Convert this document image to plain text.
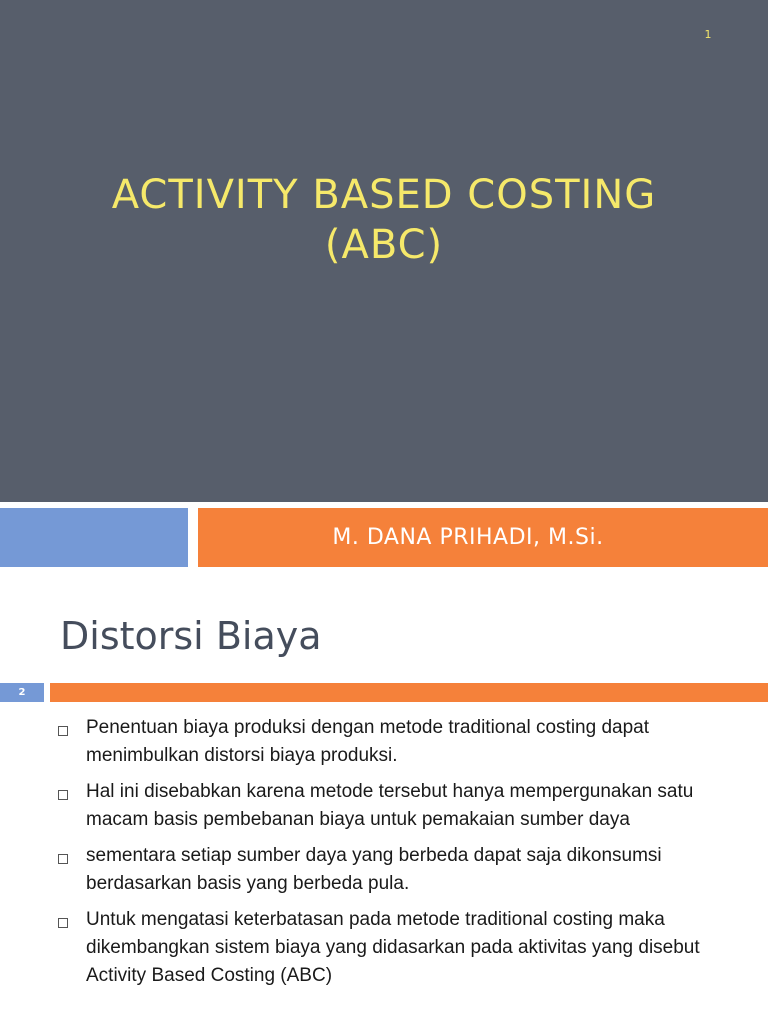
1
ACTIVITY BASED COSTING
(ABC)
M. DANA PRIHADI, M.Si.
Distorsi Biaya
2
Penentuan biaya produksi dengan metode traditional costing dapat menimbulkan distorsi biaya produksi.
Hal ini disebabkan karena metode tersebut hanya mempergunakan satu macam basis pembebanan biaya untuk pemakaian sumber daya
sementara setiap sumber daya yang berbeda dapat saja dikonsumsi berdasarkan basis yang berbeda pula.
Untuk mengatasi keterbatasan pada metode traditional costing maka dikembangkan sistem biaya yang didasarkan pada aktivitas yang disebut Activity Based Costing (ABC)
